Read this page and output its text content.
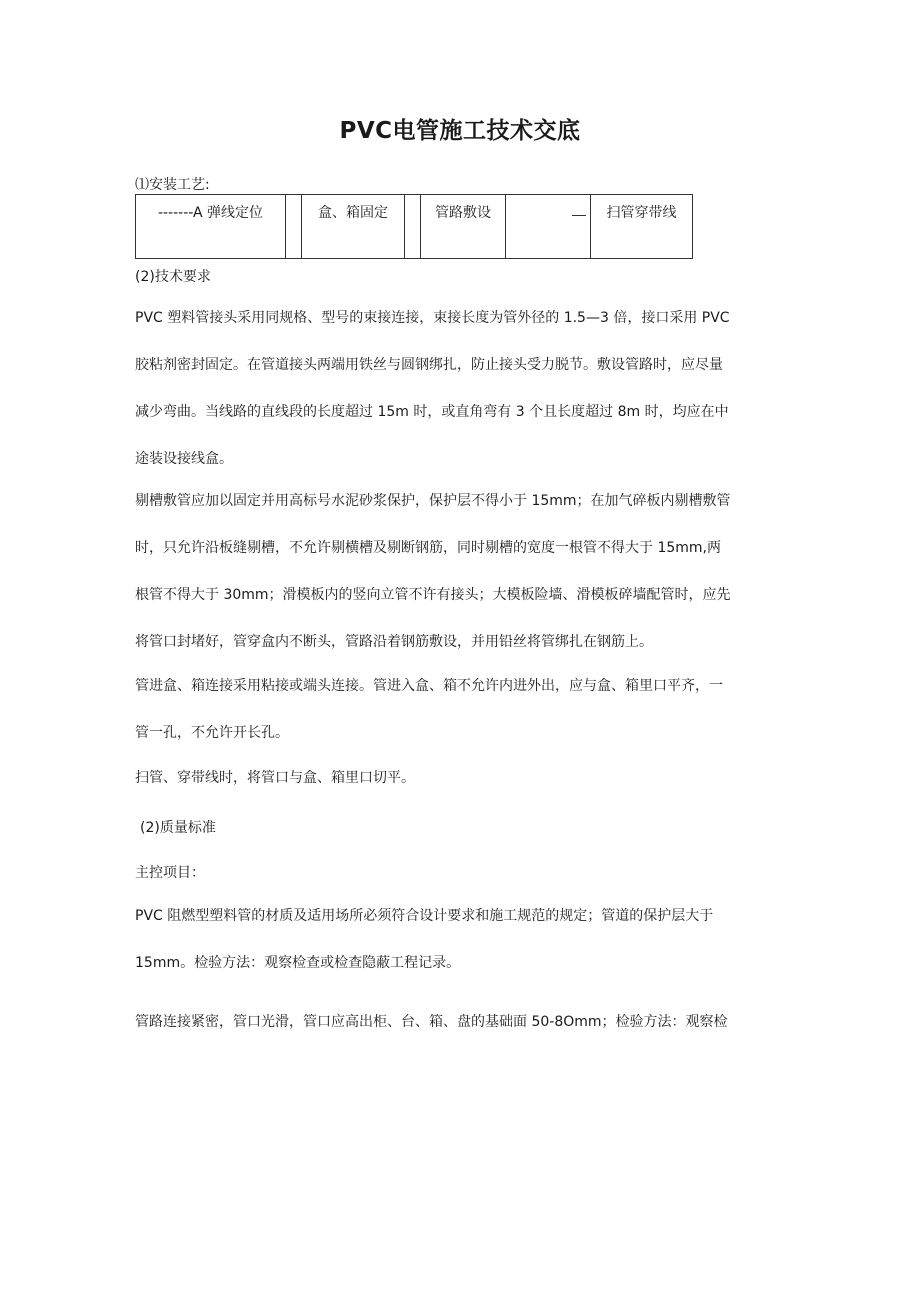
PVC电管施工技术交底
⑴安装工艺:
-------A 弹线定位		盒、箱固定		管路敷设		扫管穿带线
(2)技术要求
PVC 塑料管接头采用同规格、型号的束接连接，束接长度为管外径的 1.5—3 倍，接口采用 PVC
胶粘剂密封固定。在管道接头两端用铁丝与圆钢绑扎，防止接头受力脱节。敷设管路时，应尽量
减少弯曲。当线路的直线段的长度超过 15m 时，或直角弯有 3 个且长度超过 8m 时，均应在中
途装设接线盒。
剔槽敷管应加以固定并用高标号水泥砂浆保护，保护层不得小于 15mm；在加气碎板内剔槽敷管
时，只允许沿板缝剔槽，不允许剔横槽及剔断钢筋，同时剔槽的宽度一根管不得大于 15mm,两
根管不得大于 30mm；滑模板内的竖向立管不许有接头；大模板险墙、滑模板碎墙配管时，应先
将管口封堵好，管穿盒内不断头，管路沿着钢筋敷设，并用铅丝将管绑扎在钢筋上。
管进盒、箱连接采用粘接或端头连接。管进入盒、箱不允许内进外出，应与盒、箱里口平齐，一
管一孔，不允许开长孔。
扫管、穿带线时，将管口与盒、箱里口切平。
(2)质量标准
主控项目：
PVC 阻燃型塑料管的材质及适用场所必须符合设计要求和施工规范的规定；管道的保护层大于
15mm。检验方法：观察检查或检查隐蔽工程记录。
管路连接紧密，管口光滑，管口应高出柜、台、箱、盘的基础面 50-8Omm；检验方法：观察检
